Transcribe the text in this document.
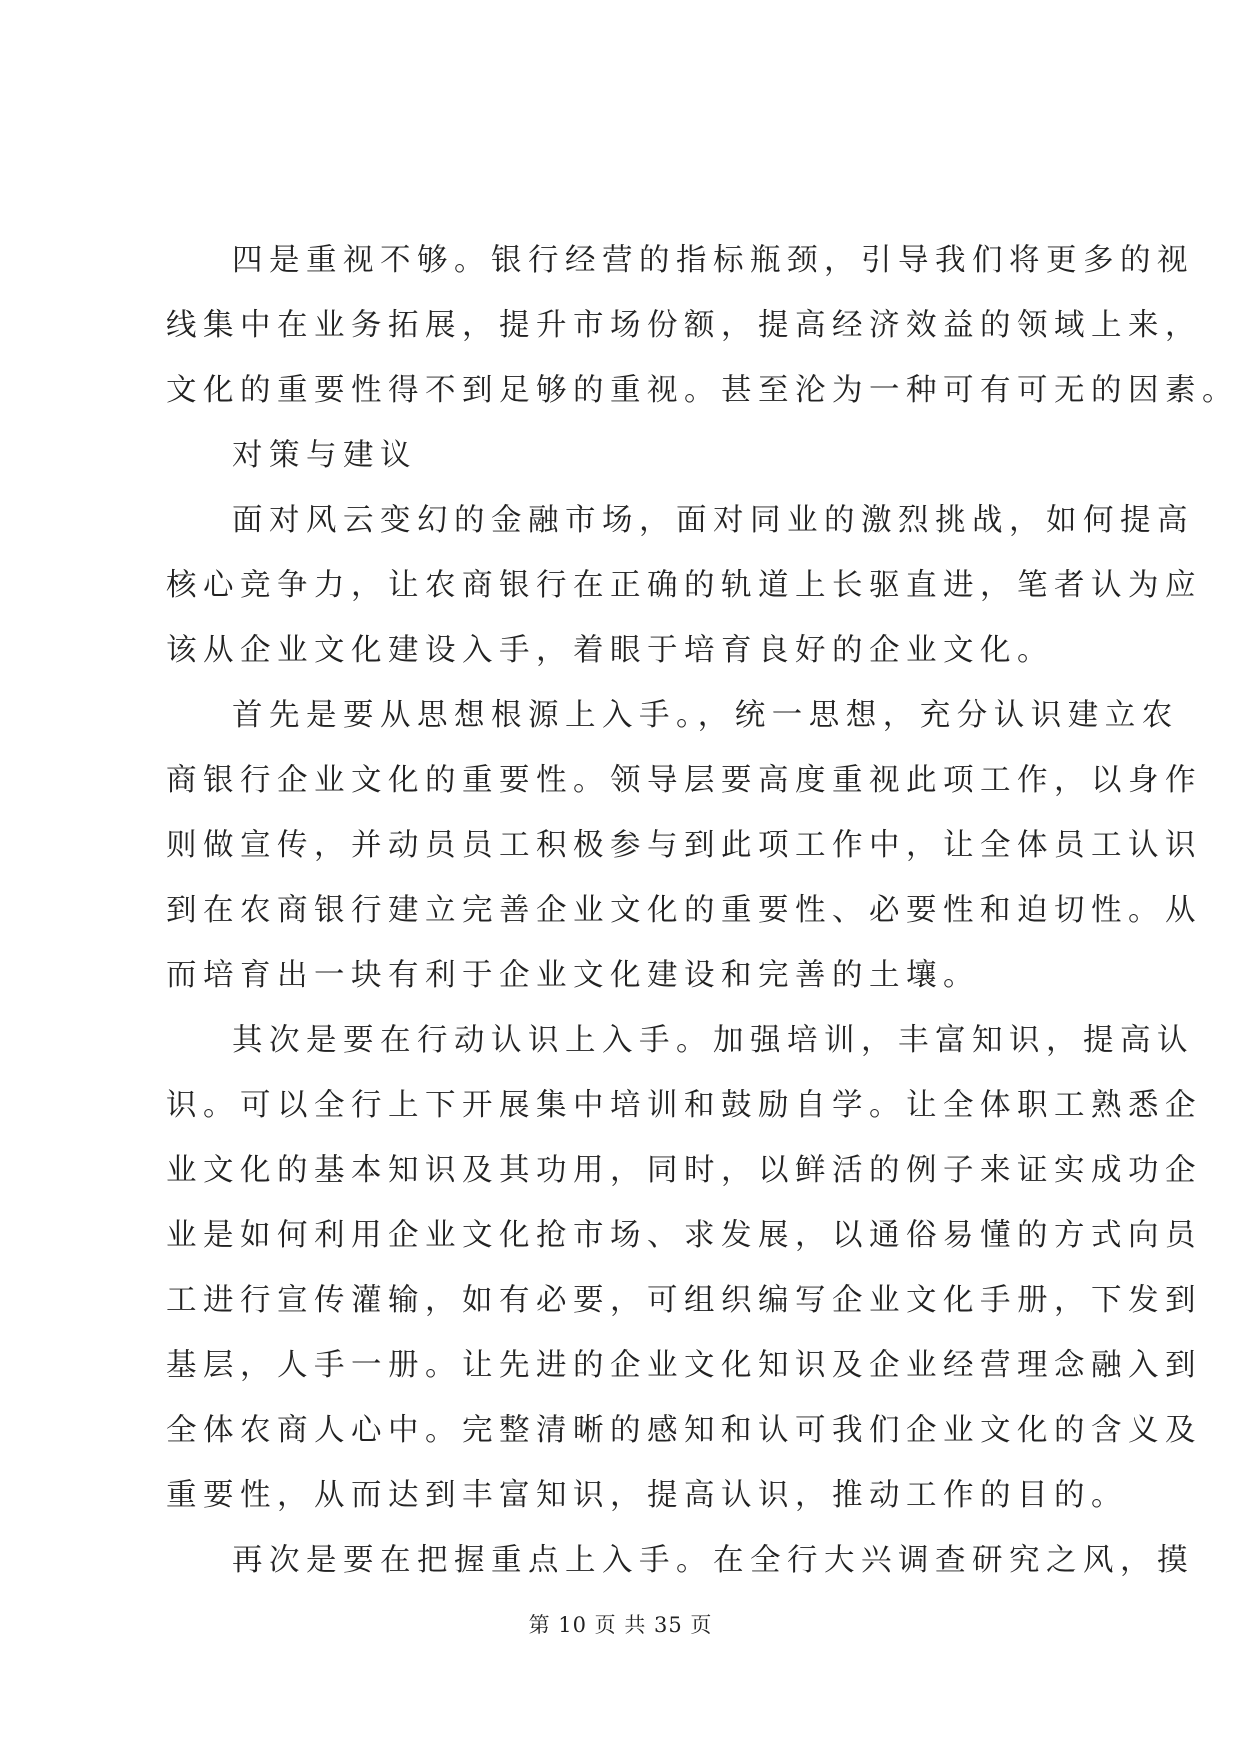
四是重视不够。银行经营的指标瓶颈，引导我们将更多的视
线集中在业务拓展，提升市场份额，提高经济效益的领域上来，
文化的重要性得不到足够的重视。甚至沦为一种可有可无的因素。
对策与建议
面对风云变幻的金融市场，面对同业的激烈挑战，如何提高
核心竞争力，让农商银行在正确的轨道上长驱直进，笔者认为应
该从企业文化建设入手，着眼于培育良好的企业文化。
首先是要从思想根源上入手。，统一思想，充分认识建立农
商银行企业文化的重要性。领导层要高度重视此项工作，以身作
则做宣传，并动员员工积极参与到此项工作中，让全体员工认识
到在农商银行建立完善企业文化的重要性、必要性和迫切性。从
而培育出一块有利于企业文化建设和完善的土壤。
其次是要在行动认识上入手。加强培训，丰富知识，提高认
识。可以全行上下开展集中培训和鼓励自学。让全体职工熟悉企
业文化的基本知识及其功用，同时，以鲜活的例子来证实成功企
业是如何利用企业文化抢市场、求发展，以通俗易懂的方式向员
工进行宣传灌输，如有必要，可组织编写企业文化手册，下发到
基层，人手一册。让先进的企业文化知识及企业经营理念融入到
全体农商人心中。完整清晰的感知和认可我们企业文化的含义及
重要性，从而达到丰富知识，提高认识，推动工作的目的。
再次是要在把握重点上入手。在全行大兴调查研究之风，摸
第 10 页 共 35 页
